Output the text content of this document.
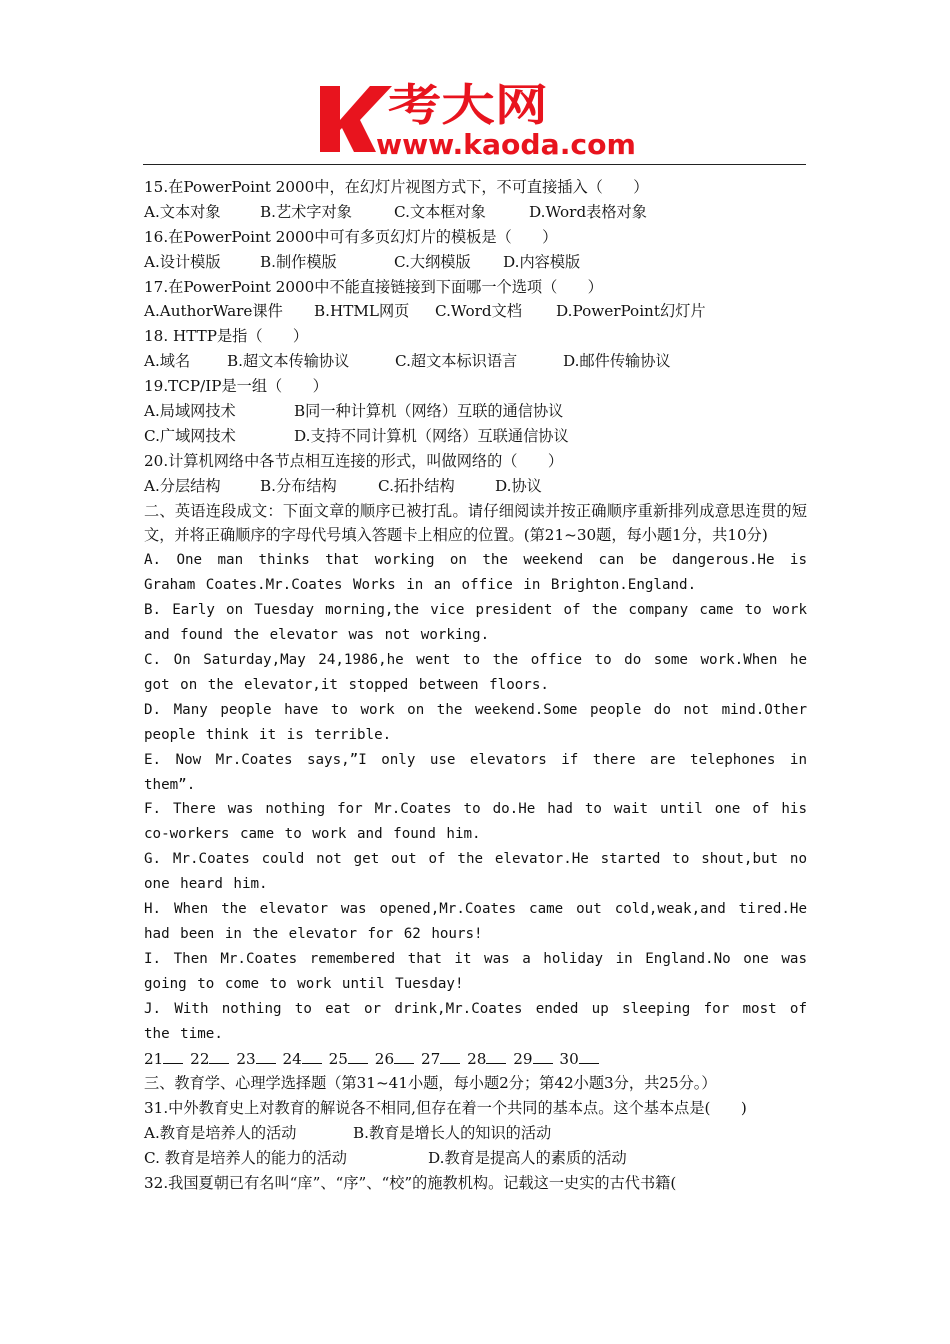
考大网
www.kaoda.com
15.在PowerPoint 2000中，在幻灯片视图方式下，不可直接插入（　　）
A.文本对象	B.艺术字对象	C.文本框对象	D.Word表格对象
16.在PowerPoint 2000中可有多页幻灯片的模板是（　　）
A.设计模版	B.制作模版	C.大纲模版 D.内容模版
17.在PowerPoint 2000中不能直接链接到下面哪一个选项（　　）
A.AuthorWare课件 B.HTML网页 C.Word文档 D.PowerPoint幻灯片
18. HTTP是指（　　）
A.域名 B.超文本传输协议	C.超文本标识语言	D.邮件传输协议
19.TCP/IP是一组（　　）
A.局域网技术	B同一种计算机（网络）互联的通信协议
C.广域网技术	D.支持不同计算机（网络）互联通信协议
20.计算机网络中各节点相互连接的形式，叫做网络的（　　）
A.分层结构	B.分布结构	C.拓扑结构	D.协议
二、英语连段成文：下面文章的顺序已被打乱。请仔细阅读并按正确顺序重新排列成意思连贯的短文，并将正确顺序的字母代号填入答题卡上相应的位置。(第21~30题，每小题1分，共10分)
A. One man thinks that working on the weekend can be dangerous.He is Graham Coates.Mr.Coates Works in an office in Brighton.England.
B. Early on Tuesday morning,the vice president of the company came to work and found the elevator was not working.
C. On Saturday,May 24,1986,he went to the office to do some work.When he got on the elevator,it stopped between floors.
D. Many people have to work on the weekend.Some people do not mind.Other people think it is terrible.
E. Now Mr.Coates says,”I only use elevators if there are telephones in them”.
F. There was nothing for Mr.Coates to do.He had to wait until one of his co-workers came to work and found him.
G. Mr.Coates could not get out of the elevator.He started to shout,but no one heard him.
H. When the elevator was opened,Mr.Coates came out cold,weak,and tired.He had been in the elevator for 62 hours!
I. Then Mr.Coates remembered that it was a holiday in England.No one was going to come to work until Tuesday!
J. With nothing to eat or drink,Mr.Coates ended up sleeping for most of the time.
21 22 23 24 25 26 27 28 29 30
三、教育学、心理学选择题（第31~41小题，每小题2分；第42小题3分，共25分。）
31.中外教育史上对教育的解说各不相同,但存在着一个共同的基本点。这个基本点是(　　)
A.教育是培养人的活动	B.教育是增长人的知识的活动
C. 教育是培养人的能力的活动	D.教育是提高人的素质的活动
32.我国夏朝已有名叫“庠”、“序”、“校”的施教机构。记载这一史实的古代书籍(
